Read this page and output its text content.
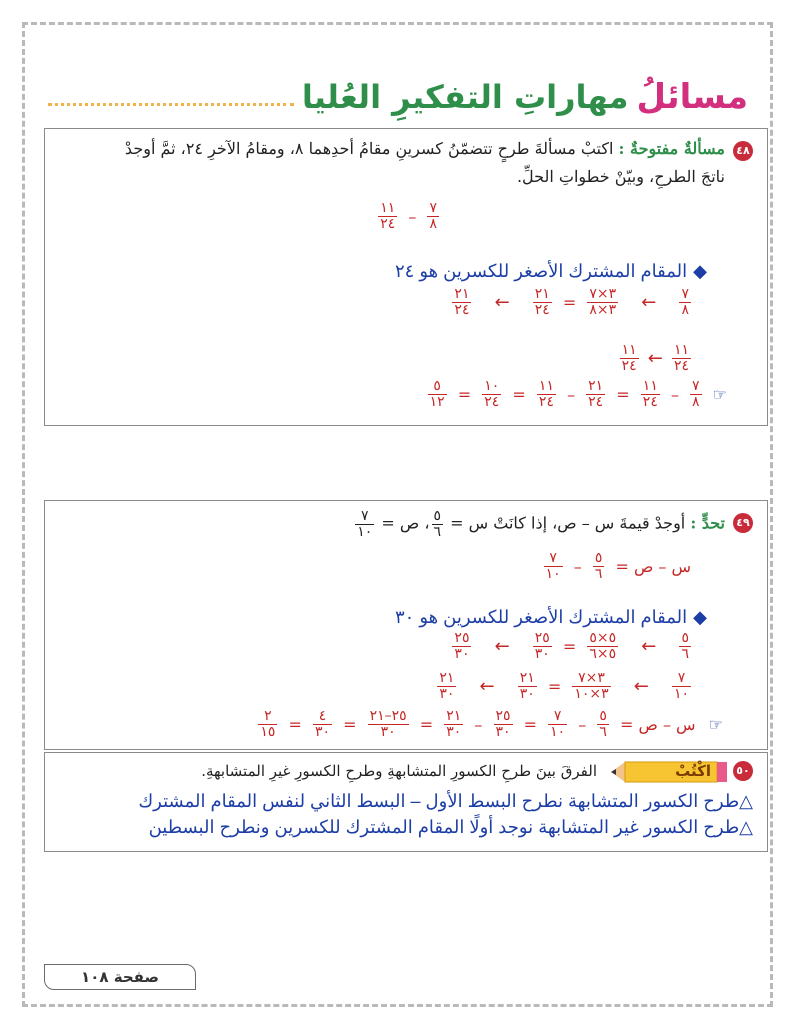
مسائلُ
مهاراتِ التفكيرِ العُليا
٤٨
مسألةٌ مفتوحةٌ : اكتبْ مسألةَ طرحٍ تتضمّنُ كسرينِ مقامُ أحدِهما ٨، ومقامُ الآخرِ ٢٤، ثمَّ أوجدْ
ناتجَ الطرحِ، وبيّنْ خطواتِ الحلِّ.
$\frac{٧}{٨}$
–
$\frac{١١}{٢٤}$
◆المقام المشترك الأصغر للكسرين هو ٢٤
$\frac{٧}{٨}$
←
$\frac{٣\times ٧}{٣\times ٨}$
=
$\frac{٢١}{٢٤}$
←
$\frac{٢١}{٢٤}$
$\frac{١١}{٢٤}$
←
$\frac{١١}{٢٤}$
☞
$\frac{٧}{٨}$
–
$\frac{١١}{٢٤}$
=
$\frac{٢١}{٢٤}$
–
$\frac{١١}{٢٤}$
=
$\frac{١٠}{٢٤}$
=
$\frac{٥}{١٢}$
٤٩
تحدٍّ : أوجدْ قيمةَ س – ص، إذا كانَتْ س =
$\frac{٥}{٦}$
، ص =
$\frac{٧}{١٠}$
س – ص =
$\frac{٥}{٦}$
–
$\frac{٧}{١٠}$
◆المقام المشترك الأصغر للكسرين هو ٣٠
$\frac{٥}{٦}$
←
$\frac{٥\times ٥}{٥\times ٦}$
=
$\frac{٢٥}{٣٠}$
←
$\frac{٢٥}{٣٠}$
$\frac{٧}{١٠}$
←
$\frac{٣\times ٧}{٣\times ١٠}$
=
$\frac{٢١}{٣٠}$
←
$\frac{٢١}{٣٠}$
☞ س – ص =
$\frac{٥}{٦}$
–
$\frac{٧}{١٠}$
=
$\frac{٢٥}{٣٠}$
–
$\frac{٢١}{٣٠}$
=
$\frac{٢٥-٢١}{٣٠}$
=
$\frac{٤}{٣٠}$
=
$\frac{٢}{١٥}$
٥٠
اكْتُبْ
الفرقَ بينَ طرحِ الكسورِ المتشابهةِ وطرحِ الكسورِ غيرِ المتشابهةِ.
△طرح الكسور المتشابهة نطرح البسط الأول – البسط الثاني لنفس المقام المشترك
△طرح الكسور غير المتشابهة نوجد أولًا المقام المشترك للكسرين ونطرح البسطين
صفحة ١٠٨
